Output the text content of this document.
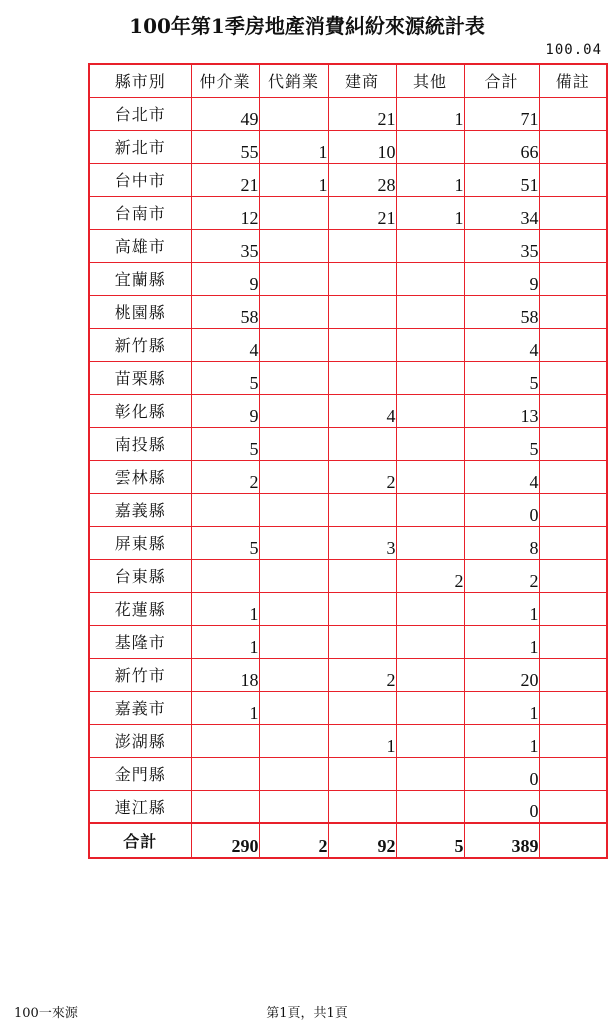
100年第1季房地產消費糾紛來源統計表
100.04
縣市別	仲介業	代銷業	建商	其他	合計	備註
台北市	49		21	1	71	
新北市	55	1	10		66	
台中市	21	1	28	1	51	
台南市	12		21	1	34	
高雄市	35				35	
宜蘭縣	9				9	
桃園縣	58				58	
新竹縣	4				4	
苗栗縣	5				5	
彰化縣	9		4		13	
南投縣	5				5	
雲林縣	2		2		4	
嘉義縣					0	
屏東縣	5		3		8	
台東縣				2	2	
花蓮縣	1				1	
基隆市	1				1	
新竹市	18		2		20	
嘉義市	1				1	
澎湖縣			1		1	
金門縣					0	
連江縣					0	
合計	290	2	92	5	389	
100一來源	第1頁，共1頁
